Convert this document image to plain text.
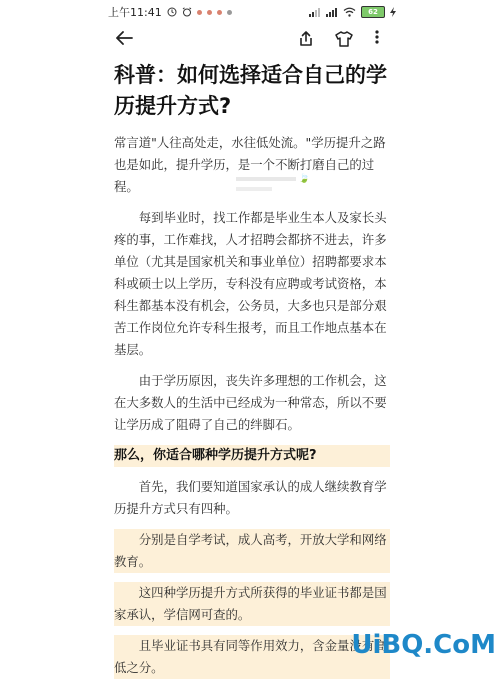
上午11:41	62
科普：如何选择适合自己的学历提升方式?

常言道"人往高处走，水往低处流。"学历提升之路也是如此，提升学历，是一个不断打磨自己的过程。

每到毕业时，找工作都是毕业生本人及家长头疼的事，工作难找，人才招聘会都挤不进去，许多单位（尤其是国家机关和事业单位）招聘都要求本科或硕士以上学历，专科没有应聘或考试资格，本科生都基本没有机会，公务员，大多也只是部分艰苦工作岗位允许专科生报考，而且工作地点基本在基层。

由于学历原因，丧失许多理想的工作机会，这在大多数人的生活中已经成为一种常态，所以不要让学历成了阻碍了自己的绊脚石。

那么，你适合哪种学历提升方式呢?

首先，我们要知道国家承认的成人继续教育学历提升方式只有四种。

分别是自学考试，成人高考，开放大学和网络教育。

这四种学历提升方式所获得的毕业证书都是国家承认，学信网可查的。

且毕业证书具有同等作用效力，含金量没有高低之分。

🍃

UiBQ.CoM
